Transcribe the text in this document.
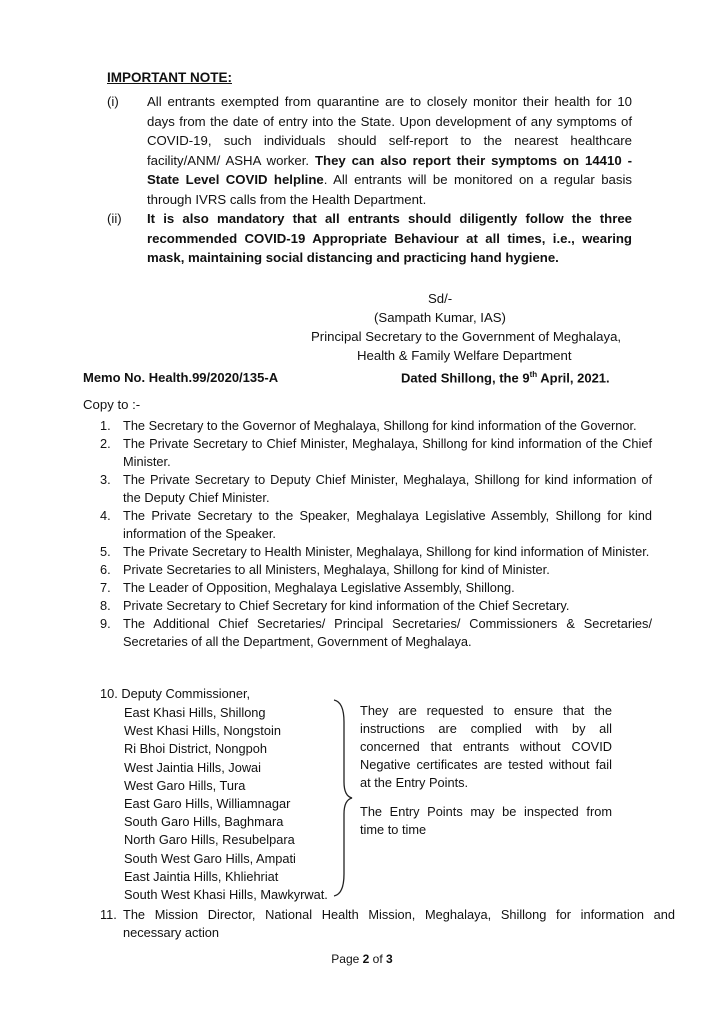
IMPORTANT NOTE:
(i)	All entrants exempted from quarantine are to closely monitor their health for 10 days from the date of entry into the State. Upon development of any symptoms of COVID-19, such individuals should self-report to the nearest healthcare facility/ANM/ ASHA worker. They can also report their symptoms on 14410 - State Level COVID helpline. All entrants will be monitored on a regular basis through IVRS calls from the Health Department.
(ii)	It is also mandatory that all entrants should diligently follow the three recommended COVID-19 Appropriate Behaviour at all times, i.e., wearing mask, maintaining social distancing and practicing hand hygiene.
Sd/-
(Sampath Kumar, IAS)
Principal Secretary to the Government of Meghalaya,
Health & Family Welfare Department
Memo No. Health.99/2020/135-A	Dated Shillong, the 9th April, 2021.
Copy to :-
1. The Secretary to the Governor of Meghalaya, Shillong for kind information of the Governor.
2. The Private Secretary to Chief Minister, Meghalaya, Shillong for kind information of the Chief Minister.
3. The Private Secretary to Deputy Chief Minister, Meghalaya, Shillong for kind information of the Deputy Chief Minister.
4. The Private Secretary to the Speaker, Meghalaya Legislative Assembly, Shillong for kind information of the Speaker.
5. The Private Secretary to Health Minister, Meghalaya, Shillong for kind information of Minister.
6. Private Secretaries to all Ministers, Meghalaya, Shillong for kind of Minister.
7. The Leader of Opposition, Meghalaya Legislative Assembly, Shillong.
8. Private Secretary to Chief Secretary for kind information of the Chief Secretary.
9. The Additional Chief Secretaries/ Principal Secretaries/ Commissioners & Secretaries/ Secretaries of all the Department, Government of Meghalaya.
10. Deputy Commissioner,
East Khasi Hills, Shillong
West Khasi Hills, Nongstoin
Ri Bhoi District, Nongpoh
West Jaintia Hills, Jowai
West Garo Hills, Tura
East Garo Hills, Williamnagar
South Garo Hills, Baghmara
North Garo Hills, Resubelpara
South West Garo Hills, Ampati
East Jaintia Hills, Khliehriat
South West Khasi Hills, Mawkyrwat.

They are requested to ensure that the instructions are complied with by all concerned that entrants without COVID Negative certificates are tested without fail at the Entry Points.

The Entry Points may be inspected from time to time

11. The Mission Director, National Health Mission, Meghalaya, Shillong for information and necessary action
Page 2 of 3
